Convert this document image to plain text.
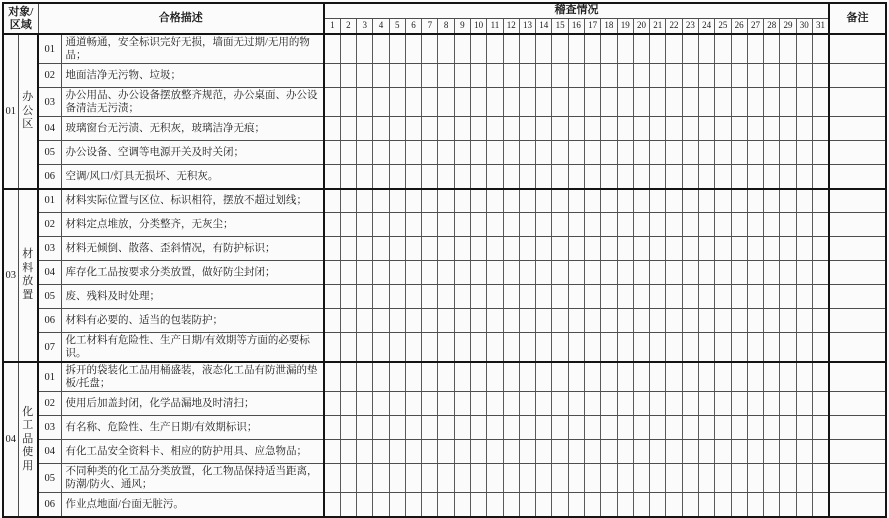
对象/区域		合格描述		稽查情况																															备注
				1	2	3	4	5	6	7	8	9	10	11	12	13	14	15	16	17	18	19	20	21	22	23	24	25	26	27	28	29	30	31	
01	办公区	01	通道畅通，安全标识完好无损，墙面无过期/无用的物品；																																
		02	地面洁净无污物、垃圾；																																
		03	办公用品、办公设备摆放整齐规范，办公桌面、办公设备清洁无污渍；																																
		04	玻璃窗台无污渍、无积灰，玻璃洁净无痕；																																
		05	办公设备、空调等电源开关及时关闭；																																
		06	空调/风口/灯具无损坏、无积灰。																																
03	材料放置	01	材料实际位置与区位、标识相符，摆放不超过划线；																																
		02	材料定点堆放，分类整齐，无灰尘；																																
		03	材料无倾倒、散落、歪斜情况，有防护标识；																																
		04	库存化工品按要求分类放置，做好防尘封闭；																																
		05	废、残料及时处理；																																
		06	材料有必要的、适当的包装防护；																																
		07	化工材料有危险性、生产日期/有效期等方面的必要标识。																																
04	化工品使用	01	拆开的袋装化工品用桶盛装，液态化工品有防泄漏的垫板/托盘；																																
		02	使用后加盖封闭，化学品漏地及时清扫；																																
		03	有名称、危险性、生产日期/有效期标识；																																
		04	有化工品安全资料卡、相应的防护用具、应急物品；																																
		05	不同种类的化工品分类放置，化工物品保持适当距离，防潮/防火、通风；																																
		06	作业点地面/台面无脏污。																																
